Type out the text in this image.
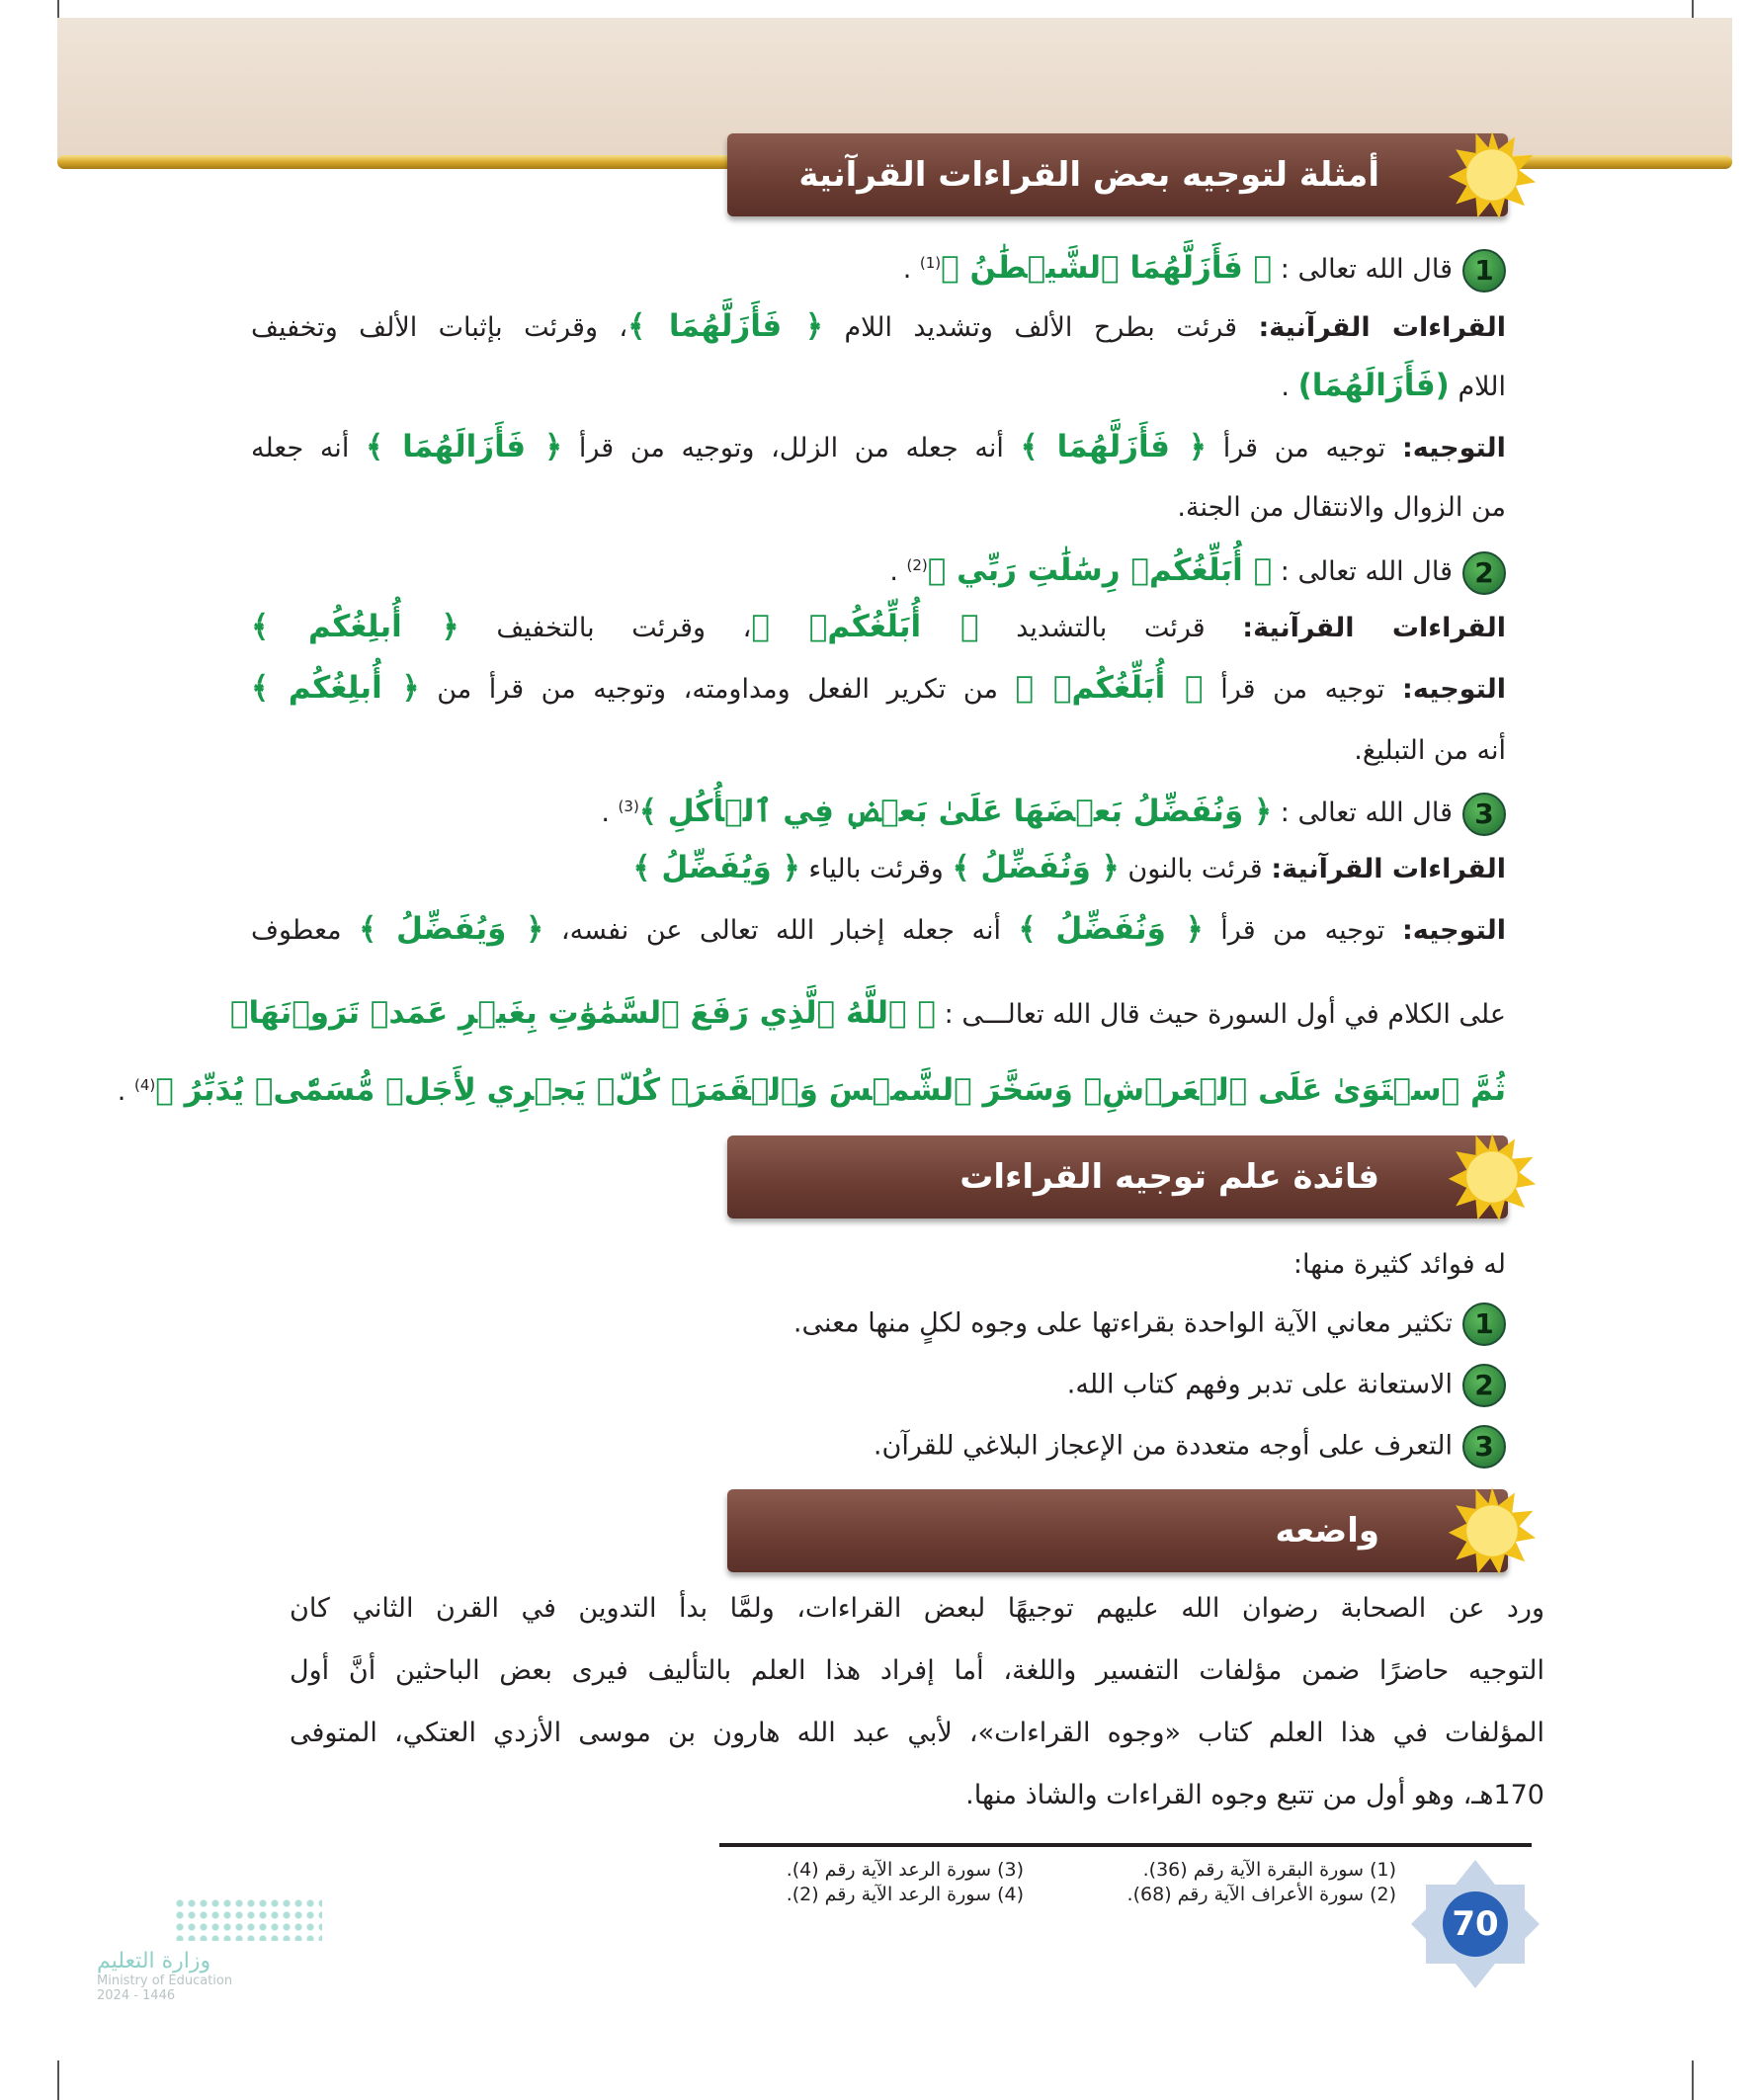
أمثلة لتوجيه بعض القراءات القرآنية
1قال الله تعالى : ﴿ فَأَزَلَّهُمَا ٱلشَّيۡطَٰنُ ﴾$^{(1)}$ .
القراءات القرآنية: قرئت بطرح الألف وتشديد اللام ﴿ فَأَزَلَّهُمَا ﴾، وقرئت بإثبات الألف وتخفيف
اللام (فَأَزَالَهُمَا) .
التوجيه: توجيه من قرأ ﴿ فَأَزَلَّهُمَا ﴾ أنه جعله من الزلل، وتوجيه من قرأ ﴿ فَأَزَالَهُمَا ﴾ أنه جعله
من الزوال والانتقال من الجنة.
2قال الله تعالى : ﴿ أُبَلِّغُكُمۡ رِسَٰلَٰتِ رَبِّي ﴾$^{(2)}$ .
القراءات القرآنية: قرئت بالتشديد ﴿ أُبَلِّغُكُمۡ ﴾، وقرئت بالتخفيف ﴿ أُبلِغُكُم ﴾
التوجيه: توجيه من قرأ ﴿ أُبَلِّغُكُمۡ ﴾ من تكرير الفعل ومداومته، وتوجيه من قرأ من ﴿ أُبلِغُكُم ﴾
أنه من التبليغ.
3قال الله تعالى : ﴿ وَنُفَضِّلُ بَعۡضَهَا عَلَىٰ بَعۡضٖ فِي ٱلۡأُكُلِ ﴾$^{(3)}$ .
القراءات القرآنية: قرئت بالنون ﴿ وَنُفَضِّلُ ﴾ وقرئت بالياء ﴿ وَيُفَضِّلُ ﴾
التوجيه: توجيه من قرأ ﴿ وَنُفَضِّلُ ﴾ أنه جعله إخبار الله تعالى عن نفسه، ﴿ وَيُفَضِّلُ ﴾ معطوف
على الكلام في أول السورة حيث قال الله تعالـــى : ﴿ ٱللَّهُ ٱلَّذِي رَفَعَ ٱلسَّمَٰوَٰتِ بِغَيۡرِ عَمَدٖ تَرَوۡنَهَاۖ
ثُمَّ ٱسۡتَوَىٰ عَلَى ٱلۡعَرۡشِۖ وَسَخَّرَ ٱلشَّمۡسَ وَٱلۡقَمَرَۖ كُلّٞ يَجۡرِي لِأَجَلٖ مُّسَمّٗىۚ يُدَبِّرُ ﴾$^{(4)}$ .
فائدة علم توجيه القراءات
له فوائد كثيرة منها:
1تكثير معاني الآية الواحدة بقراءتها على وجوه لكلٍ منها معنى.
2الاستعانة على تدبر وفهم كتاب الله.
3التعرف على أوجه متعددة من الإعجاز البلاغي للقرآن.
واضعه
ورد عن الصحابة رضوان الله عليهم توجيهًا لبعض القراءات، ولمَّا بدأ التدوين في القرن الثاني كان
التوجيه حاضرًا ضمن مؤلفات التفسير واللغة، أما إفراد هذا العلم بالتأليف فيرى بعض الباحثين أنَّ أول
المؤلفات في هذا العلم كتاب «وجوه القراءات»، لأبي عبد الله هارون بن موسى الأزدي العتكي، المتوفى
170هـ، وهو أول من تتبع وجوه القراءات والشاذ منها.
(1) سورة البقرة الآية رقم (36).
(2) سورة الأعراف الآية رقم (68).
(3) سورة الرعد الآية رقم (4).
(4) سورة الرعد الآية رقم (2).
70
وزارة التعليم
Ministry of Education
2024 - 1446
